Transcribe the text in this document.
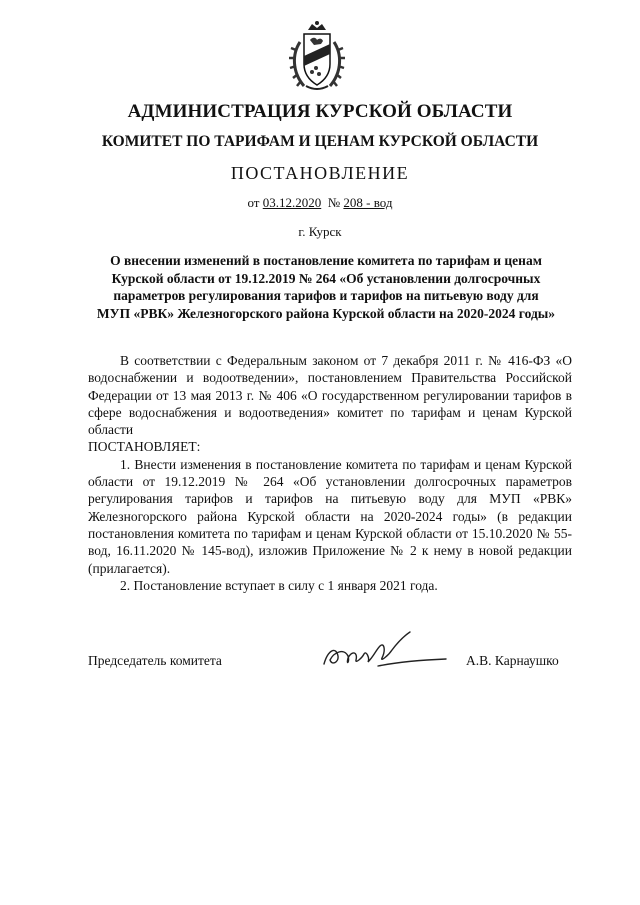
АДМИНИСТРАЦИЯ КУРСКОЙ ОБЛАСТИ
КОМИТЕТ ПО ТАРИФАМ И ЦЕНАМ КУРСКОЙ ОБЛАСТИ
ПОСТАНОВЛЕНИЕ
от 03.12.2020 № 208 - вод
г. Курск
О внесении изменений в постановление комитета по тарифам и ценам Курской области от 19.12.2019 № 264 «Об установлении долгосрочных параметров регулирования тарифов и тарифов на питьевую воду для МУП «РВК» Железногорского района Курской области на 2020-2024 годы»

В соответствии с Федеральным законом от 7 декабря 2011 г. № 416-ФЗ «О водоснабжении и водоотведении», постановлением Правительства Российской Федерации от 13 мая 2013 г. № 406 «О государственном регулировании тарифов в сфере водоснабжения и водоотведения» комитет по тарифам и ценам Курской области

ПОСТАНОВЛЯЕТ:

1. Внести изменения в постановление комитета по тарифам и ценам Курской области от 19.12.2019 № 264 «Об установлении долгосрочных параметров регулирования тарифов и тарифов на питьевую воду для МУП «РВК» Железногорского района Курской области на 2020-2024 годы» (в редакции постановления комитета по тарифам и ценам Курской области от 15.10.2020 № 55-вод, 16.11.2020 № 145-вод), изложив Приложение № 2 к нему в новой редакции (прилагается).

2. Постановление вступает в силу с 1 января 2021 года.

Председатель комитета	А.В. Карнаушко
